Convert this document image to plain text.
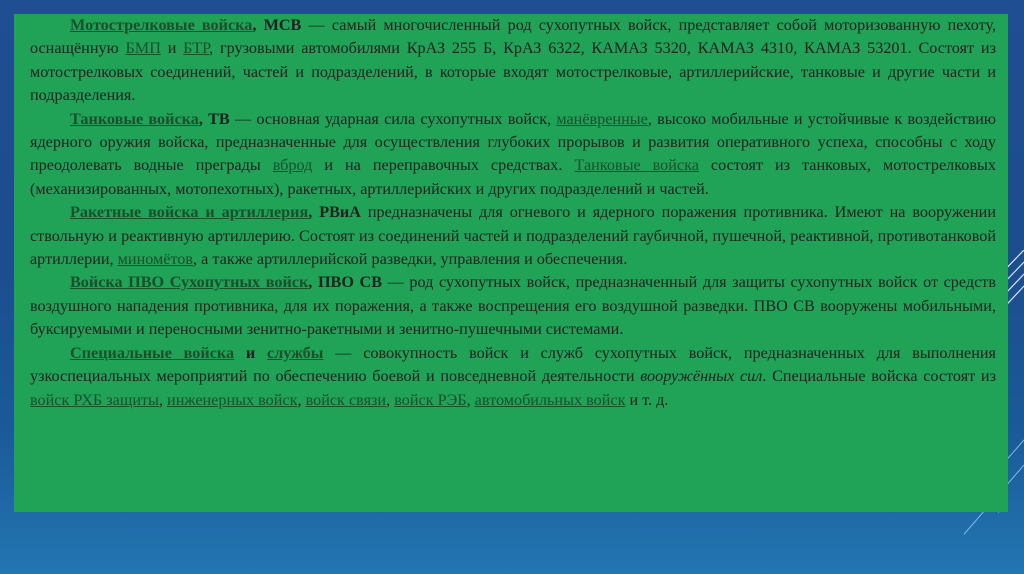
Мотострелковые войска, МСВ — самый многочисленный род сухопутных войск, представляет собой моторизованную пехоту, оснащённую БМП и БТР, грузовыми автомобилями КрАЗ 255 Б, КрАЗ 6322, КАМАЗ 5320, КАМАЗ 4310, КАМАЗ 53201. Состоят из мотострелковых соединений, частей и подразделений, в которые входят мотострелковые, артиллерийские, танковые и другие части и подразделения.

Танковые войска, ТВ — основная ударная сила сухопутных войск, манёвренные, высоко мобильные и устойчивые к воздействию ядерного оружия войска, предназначенные для осуществления глубоких прорывов и развития оперативного успеха, способны с ходу преодолевать водные преграды вброд и на переправочных средствах. Танковые войска состоят из танковых, мотострелковых (механизированных, мотопехотных), ракетных, артиллерийских и других подразделений и частей.

Ракетные войска и артиллерия, РВиА предназначены для огневого и ядерного поражения противника. Имеют на вооружении ствольную и реактивную артиллерию. Состоят из соединений частей и подразделений гаубичной, пушечной, реактивной, противотанковой артиллерии, миномётов, а также артиллерийской разведки, управления и обеспечения.

Войска ПВО Сухопутных войск, ПВО СВ — род сухопутных войск, предназначенный для защиты сухопутных войск от средств воздушного нападения противника, для их поражения, а также воспрещения его воздушной разведки. ПВО СВ вооружены мобильными, буксируемыми и переносными зенитно-ракетными и зенитно-пушечными системами.

Специальные войска и службы — совокупность войск и служб сухопутных войск, предназначенных для выполнения узкоспециальных мероприятий по обеспечению боевой и повседневной деятельности вооружённых сил. Специальные войска состоят из войск РХБ защиты, инженерных войск, войск связи, войск РЭБ, автомобильных войск и т. д.
